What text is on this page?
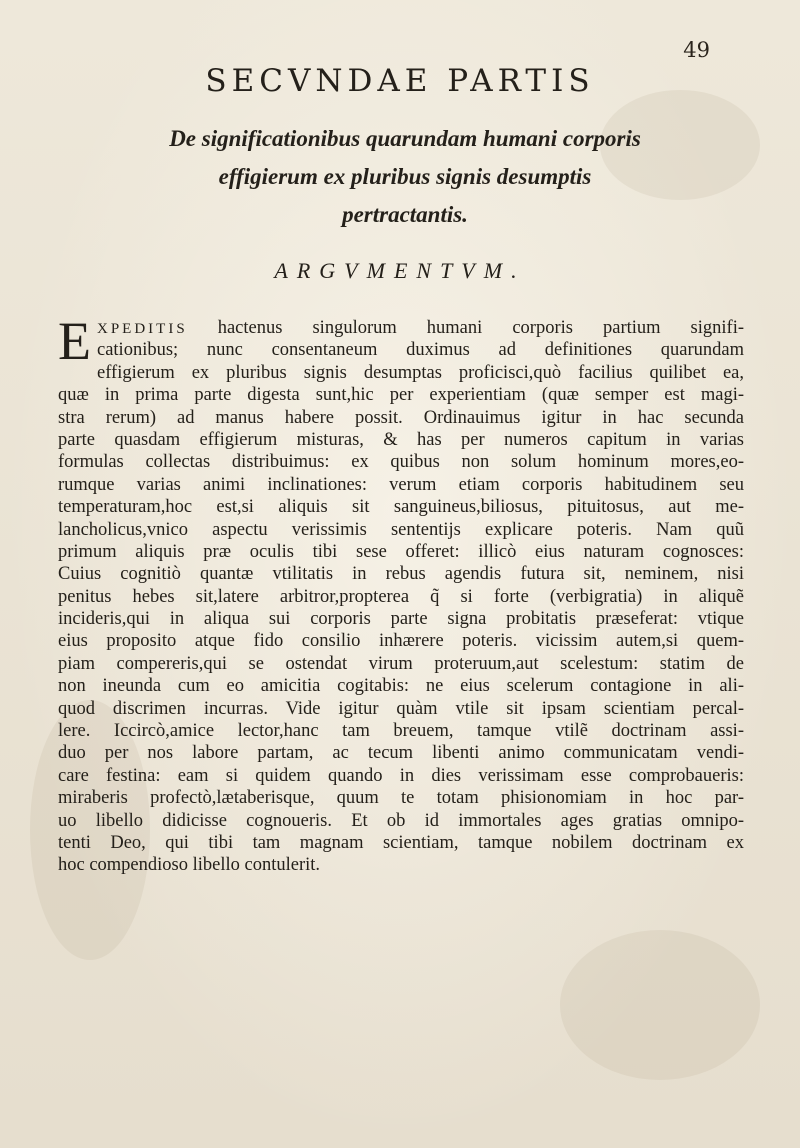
49
SECVNDAE PARTIS
De significationibus quarundam humani corporis
effigierum ex pluribus signis desumptis
pertractantis.
ARGVMENTVM.
E XPEDITIS hactenus singulorum humani corporis partium signifi-
cationibus; nunc consentaneum duximus ad definitiones quarundam
effigierum ex pluribus signis desumptas proficisci,quò facilius quilibet ea,
quæ in prima parte digesta sunt,hic per experientiam (quæ semper est magi-
stra rerum) ad manus habere possit. Ordinauimus igitur in hac secunda
parte quasdam effigierum misturas, & has per numeros capitum in varias
formulas collectas distribuimus: ex quibus non solum hominum mores,eo-
rumque varias animi inclinationes: verum etiam corporis habitudinem seu
temperaturam,hoc est,si aliquis sit sanguineus,biliosus, pituitosus, aut me-
lancholicus,vnico aspectu verissimis sententijs explicare poteris. Nam quũ
primum aliquis præ oculis tibi sese offeret: illicò eius naturam cognosces:
Cuius cognitiò quantæ vtilitatis in rebus agendis futura sit, neminem, nisi
penitus hebes sit,latere arbitror,propterea q̃ si forte (verbigratia) in aliquẽ
incideris,qui in aliqua sui corporis parte signa probitatis præseferat: vtique
eius proposito atque fido consilio inhærere poteris. vicissim autem,si quem-
piam compereris,qui se ostendat virum proteruum,aut scelestum: statim de
non ineunda cum eo amicitia cogitabis: ne eius scelerum contagione in ali-
quod discrimen incurras. Vide igitur quàm vtile sit ipsam scientiam percal-
lere. Iccircò,amice lector,hanc tam breuem, tamque vtilẽ doctrinam assi-
duo per nos labore partam, ac tecum libenti animo communicatam vendi-
care festina: eam si quidem quando in dies verissimam esse comprobaueris:
miraberis profectò,lætaberisque, quum te totam phisionomiam in hoc par-
uo libello didicisse cognoueris. Et ob id immortales ages gratias omnipo-
tenti Deo, qui tibi tam magnam scientiam, tamque nobilem doctrinam ex
hoc compendioso libello contulerit.
